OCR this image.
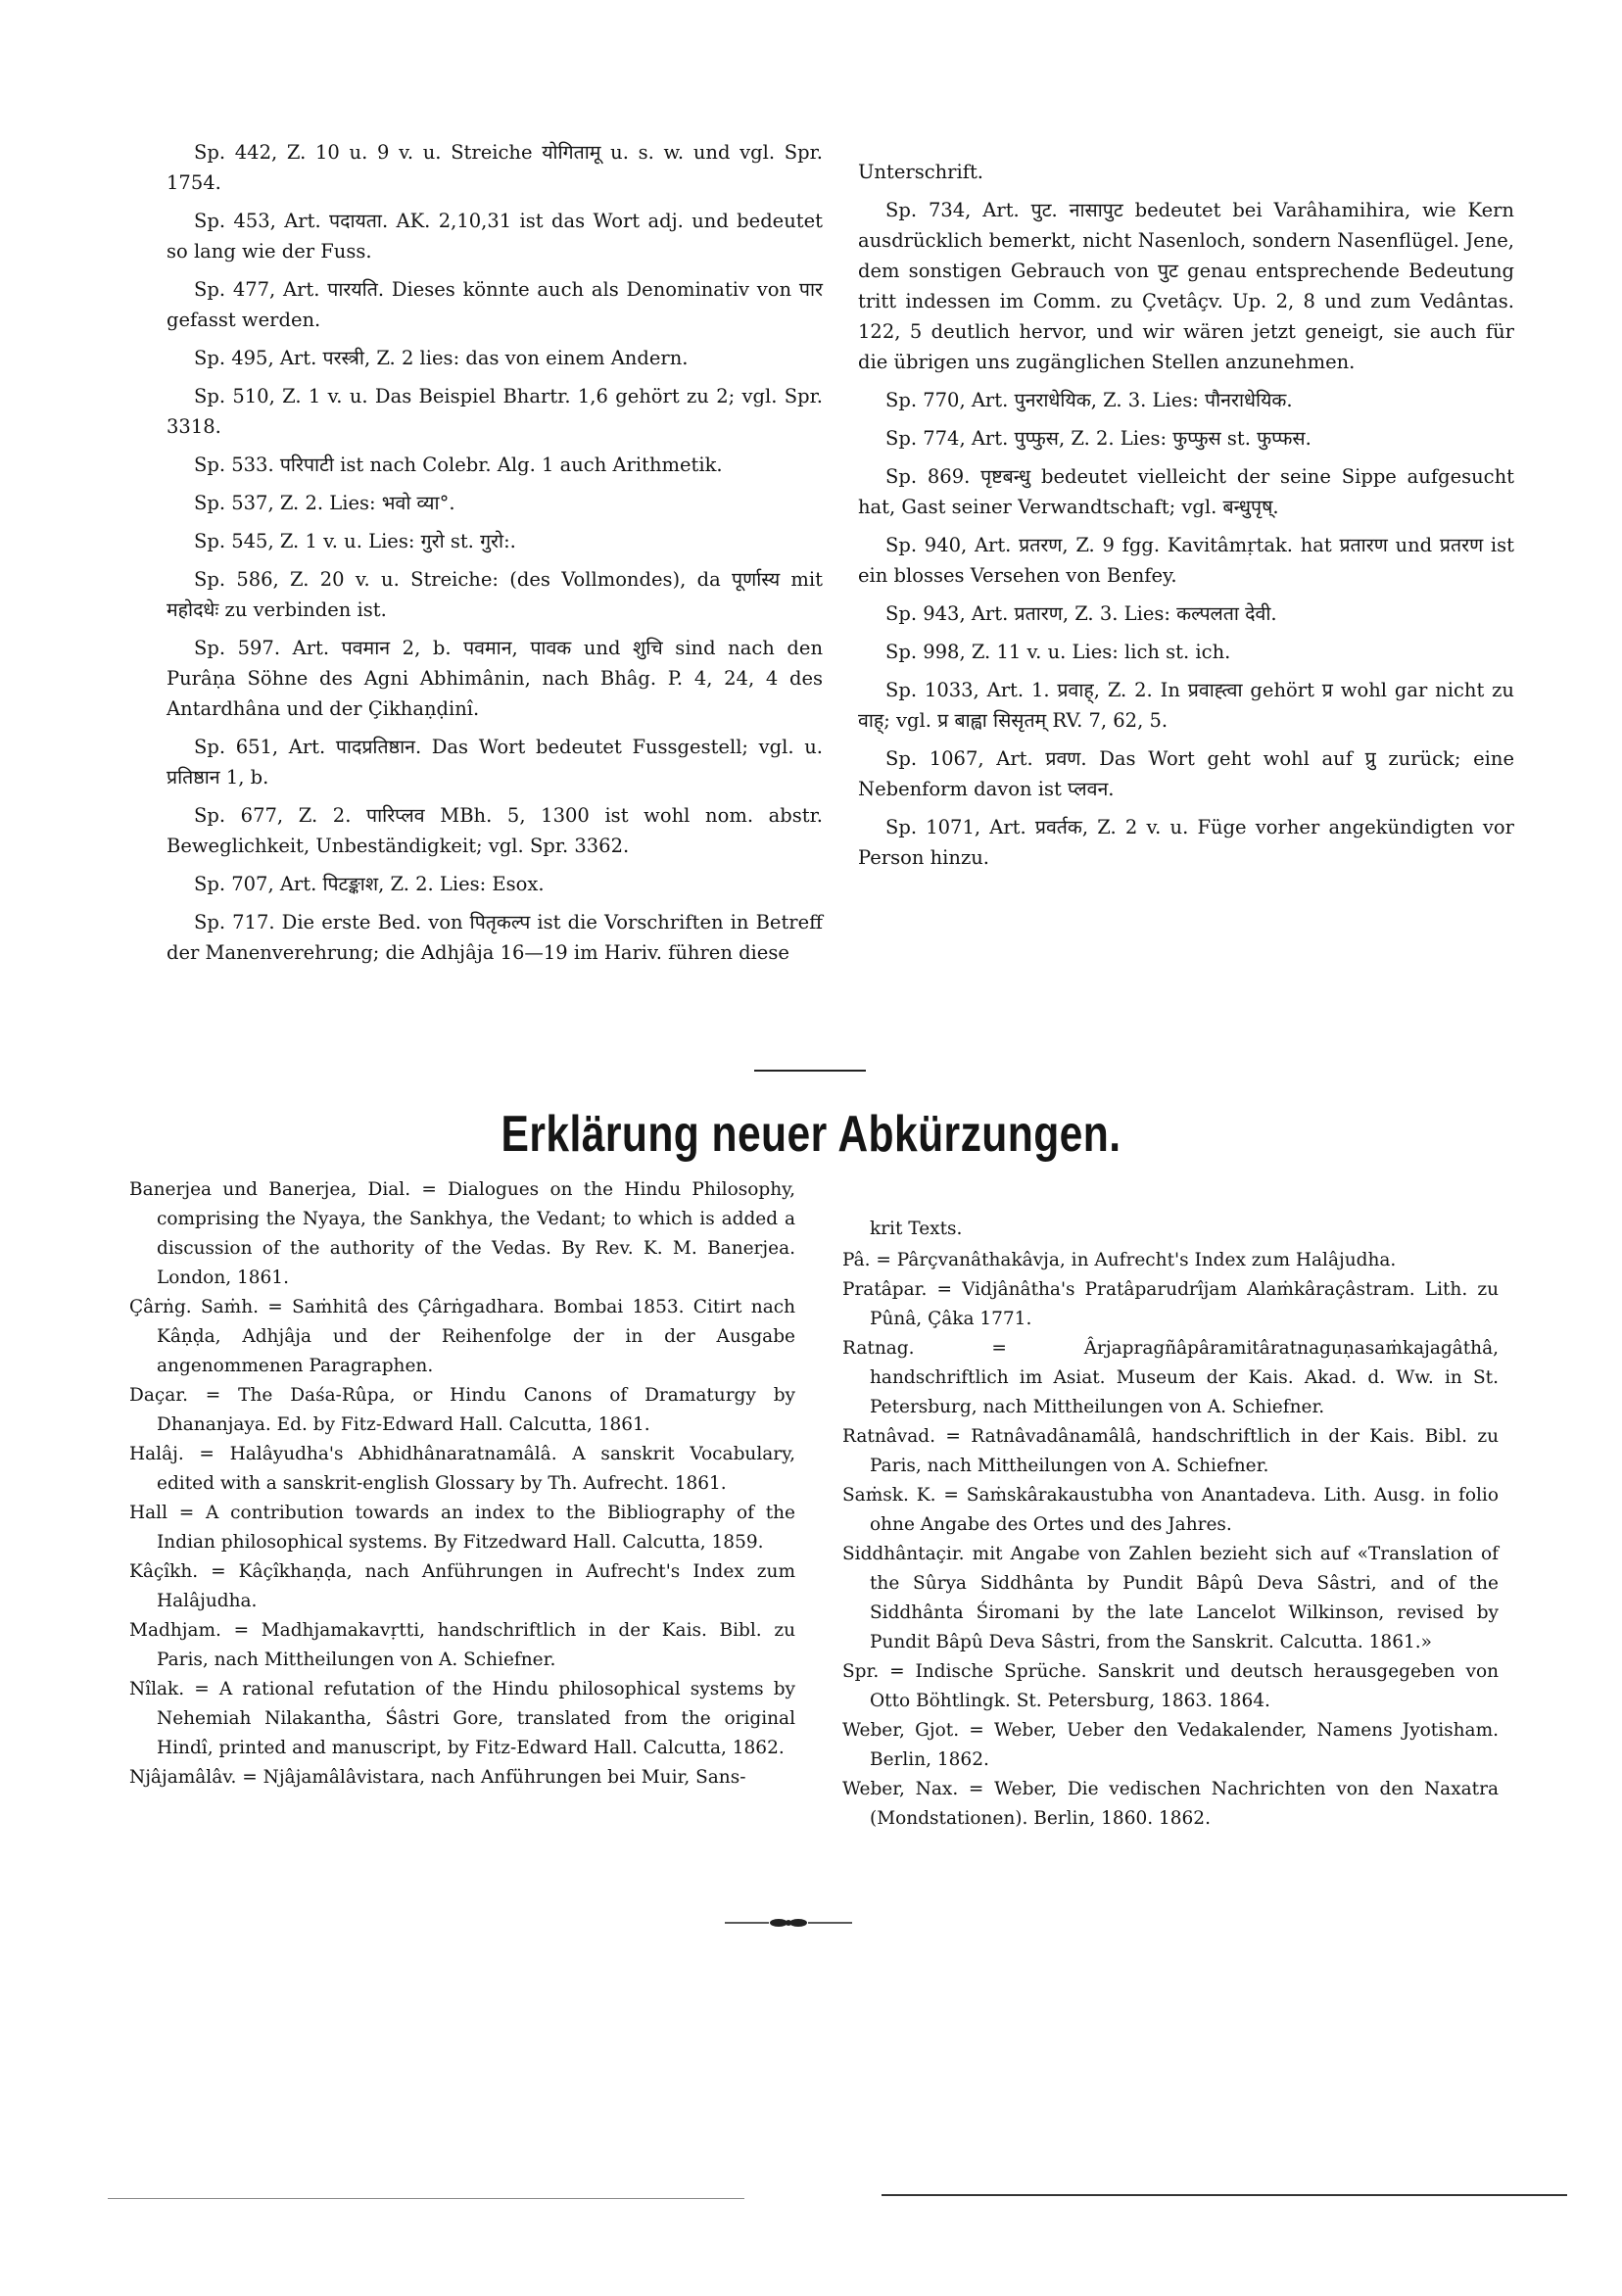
Sp. 442, Z. 10 u. 9 v. u. Streiche योगितामू u. s. w. und vgl. Spr. 1754.

Sp. 453, Art. पदायता. AK. 2,10,31 ist das Wort adj. und bedeutet so lang wie der Fuss.

Sp. 477, Art. पारयति. Dieses könnte auch als Denominativ von पार gefasst werden.

Sp. 495, Art. परस्त्री, Z. 2 lies: das von einem Andern.

Sp. 510, Z. 1 v. u. Das Beispiel Bhartr. 1,6 gehört zu 2; vgl. Spr. 3318.

Sp. 533. परिपाटी ist nach Colebr. Alg. 1 auch Arithmetik.

Sp. 537, Z. 2. Lies: भवो व्या°.

Sp. 545, Z. 1 v. u. Lies: गुरो st. गुरो:.

Sp. 586, Z. 20 v. u. Streiche: (des Vollmondes), da पूर्णास्य mit महोदधेः zu verbinden ist.

Sp. 597. Art. पवमान 2, b. पवमान, पावक und शुचि sind nach den Purâṇa Söhne des Agni Abhimânin, nach Bhâg. P. 4, 24, 4 des Antardhâna und der Çikhaṇḍinî.

Sp. 651, Art. पादप्रतिष्ठान. Das Wort bedeutet Fussgestell; vgl. u. प्रतिष्ठान 1, b.

Sp. 677, Z. 2. पारिप्लव MBh. 5, 1300 ist wohl nom. abstr. Beweglichkeit, Unbeständigkeit; vgl. Spr. 3362.

Sp. 707, Art. पिटङ्काश, Z. 2. Lies: Esox.

Sp. 717. Die erste Bed. von पितृकल्प ist die Vorschriften in Betreff der Manenverehrung; die Adhjâja 16—19 im Hariv. führen diese

Unterschrift.

Sp. 734, Art. पुट. नासापुट bedeutet bei Varâhamihira, wie Kern ausdrücklich bemerkt, nicht Nasenloch, sondern Nasenflügel. Jene, dem sonstigen Gebrauch von पुट genau entsprechende Bedeutung tritt indessen im Comm. zu Çvetâçv. Up. 2, 8 und zum Vedântas. 122, 5 deutlich hervor, und wir wären jetzt geneigt, sie auch für die übrigen uns zugänglichen Stellen anzunehmen.

Sp. 770, Art. पुनराधेयिक, Z. 3. Lies: पौनराधेयिक.

Sp. 774, Art. पुप्फुस, Z. 2. Lies: फुप्फुस st. फुप्फस.

Sp. 869. पृष्टबन्धु bedeutet vielleicht der seine Sippe aufgesucht hat, Gast seiner Verwandtschaft; vgl. बन्धुपृष्.

Sp. 940, Art. प्रतरण, Z. 9 fgg. Kavitâmṛtak. hat प्रतारण und प्रतरण ist ein blosses Versehen von Benfey.

Sp. 943, Art. प्रतारण, Z. 3. Lies: कल्पलता देवी.

Sp. 998, Z. 11 v. u. Lies: lich st. ich.

Sp. 1033, Art. 1. प्रवाह्, Z. 2. In प्रवाह्त्वा gehört प्र wohl gar nicht zu वाह्; vgl. प्र बाह्वा सिसृतम् RV. 7, 62, 5.

Sp. 1067, Art. प्रवण. Das Wort geht wohl auf प्रु zurück; eine Nebenform davon ist प्लवन.

Sp. 1071, Art. प्रवर्तक, Z. 2 v. u. Füge vorher angekündigten vor Person hinzu.

Erklärung neuer Abkürzungen.

Banerjea und Banerjea, Dial. = Dialogues on the Hindu Philosophy, comprising the Nyaya, the Sankhya, the Vedant; to which is added a discussion of the authority of the Vedas. By Rev. K. M. Banerjea. London, 1861.

Çârṅg. Saṁh. = Saṁhitâ des Çârṅgadhara. Bombai 1853. Citirt nach Kâṇḍa, Adhjâja und der Reihenfolge der in der Ausgabe angenommenen Paragraphen.

Daçar. = The Daśa-Rûpa, or Hindu Canons of Dramaturgy by Dhananjaya. Ed. by Fitz-Edward Hall. Calcutta, 1861.

Halâj. = Halâyudha's Abhidhânaratnamâlâ. A sanskrit Vocabulary, edited with a sanskrit-english Glossary by Th. Aufrecht. 1861.

Hall = A contribution towards an index to the Bibliography of the Indian philosophical systems. By Fitzedward Hall. Calcutta, 1859.

Kâçîkh. = Kâçîkhaṇḍa, nach Anführungen in Aufrecht's Index zum Halâjudha.

Madhjam. = Madhjamakavṛtti, handschriftlich in der Kais. Bibl. zu Paris, nach Mittheilungen von A. Schiefner.

Nîlak. = A rational refutation of the Hindu philosophical systems by Nehemiah Nilakantha, Śâstri Gore, translated from the original Hindî, printed and manuscript, by Fitz-Edward Hall. Calcutta, 1862.

Njâjamâlâv. = Njâjamâlâvistara, nach Anführungen bei Muir, Sans-

krit Texts.

Pâ. = Pârçvanâthakâvja, in Aufrecht's Index zum Halâjudha.

Pratâpar. = Vidjânâtha's Pratâparudrîjam Alaṁkâraçâstram. Lith. zu Pûnâ, Çâka 1771.

Ratnag. = Ârjapragñâpâramitâratnaguṇasaṁkajagâthâ, handschriftlich im Asiat. Museum der Kais. Akad. d. Ww. in St. Petersburg, nach Mittheilungen von A. Schiefner.

Ratnâvad. = Ratnâvadânamâlâ, handschriftlich in der Kais. Bibl. zu Paris, nach Mittheilungen von A. Schiefner.

Saṁsk. K. = Saṁskârakaustubha von Anantadeva. Lith. Ausg. in folio ohne Angabe des Ortes und des Jahres.

Siddhântaçir. mit Angabe von Zahlen bezieht sich auf «Translation of the Sûrya Siddhânta by Pundit Bâpû Deva Sâstri, and of the Siddhânta Śiromani by the late Lancelot Wilkinson, revised by Pundit Bâpû Deva Sâstri, from the Sanskrit. Calcutta. 1861.»

Spr. = Indische Sprüche. Sanskrit und deutsch herausgegeben von Otto Böhtlingk. St. Petersburg, 1863. 1864.

Weber, Gjot. = Weber, Ueber den Vedakalender, Namens Jyotisham. Berlin, 1862.

Weber, Nax. = Weber, Die vedischen Nachrichten von den Naxatra (Mondstationen). Berlin, 1860. 1862.
